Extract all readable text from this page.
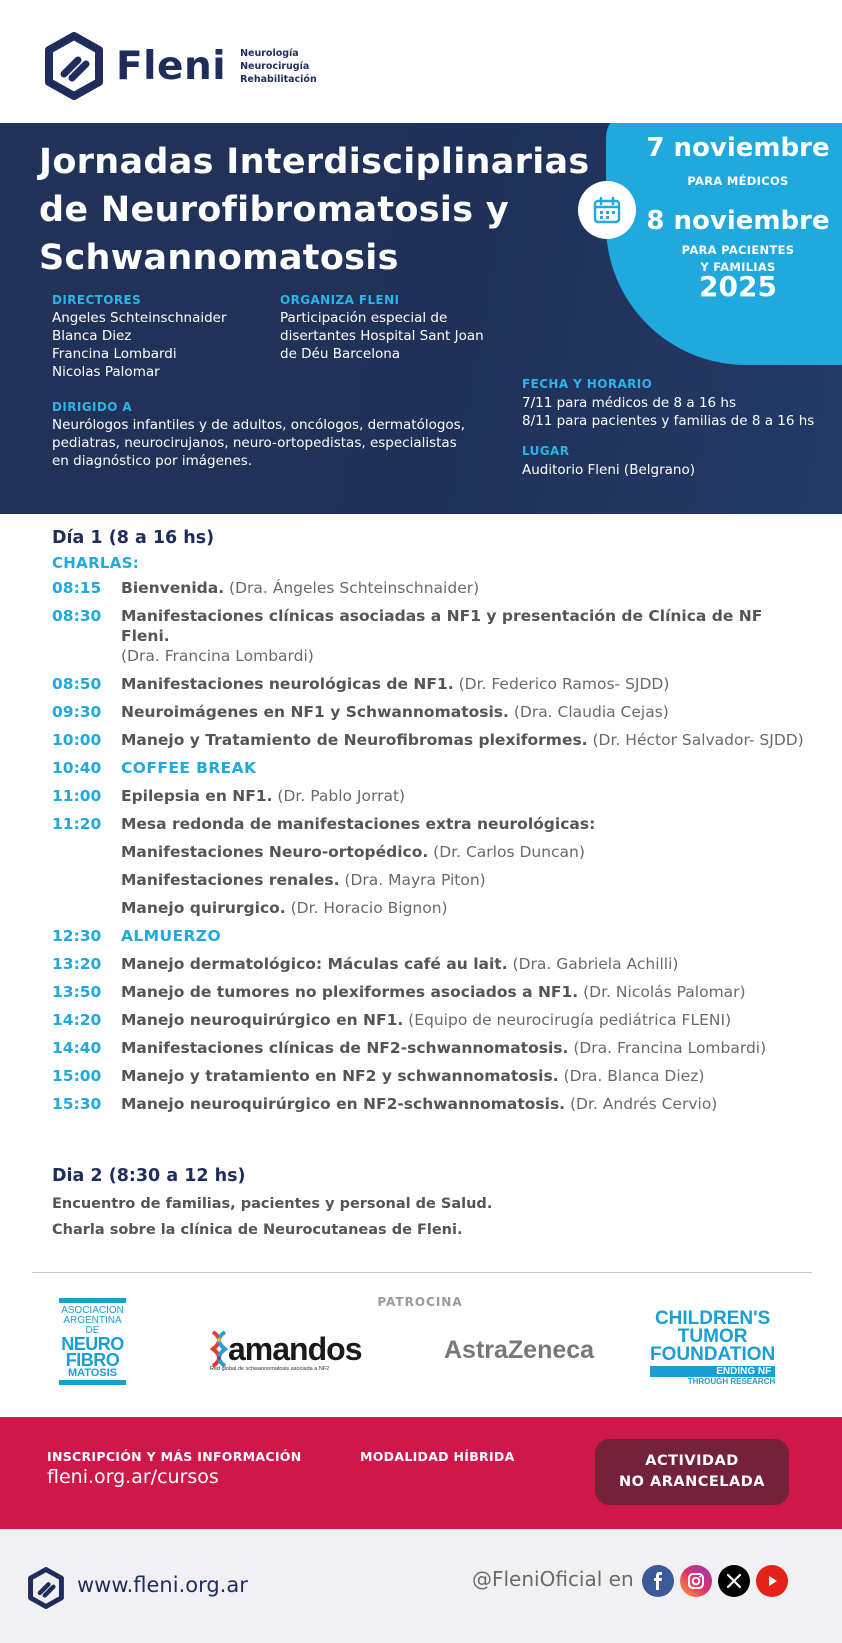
Fleni Neurología
Neurocirugía
Rehabilitación
Jornadas Interdisciplinarias de Neurofibromatosis y Schwannomatosis
7 noviembre
PARA MÉDICOS
8 noviembre
PARA PACIENTES
Y FAMILIAS
2025
DIRECTORES
Angeles Schteinschnaider
Blanca Diez
Francina Lombardi
Nicolas Palomar
ORGANIZA FLENI
Participación especial de
disertantes Hospital Sant Joan
de Déu Barcelona
DIRIGIDO A
Neurólogos infantiles y de adultos, oncólogos, dermatólogos,
pediatras, neurocirujanos, neuro-ortopedistas, especialistas
en diagnóstico por imágenes.
FECHA Y HORARIO
7/11 para médicos de 8 a 16 hs
8/11 para pacientes y familias de 8 a 16 hs
LUGAR
Auditorio Fleni (Belgrano)
Día 1 (8 a 16 hs)
CHARLAS:
08:15	Bienvenida. (Dra. Ángeles Schteinschnaider)
08:30	Manifestaciones clínicas asociadas a NF1 y presentación de Clínica de NF Fleni.
(Dra. Francina Lombardi)
08:50	Manifestaciones neurológicas de NF1. (Dr. Federico Ramos- SJDD)
09:30	Neuroimágenes en NF1 y Schwannomatosis. (Dra. Claudia Cejas)
10:00	Manejo y Tratamiento de Neurofibromas plexiformes. (Dr. Héctor Salvador- SJDD)
10:40	COFFEE BREAK
11:00	Epilepsia en NF1. (Dr. Pablo Jorrat)
11:20	Mesa redonda de manifestaciones extra neurológicas:
Manifestaciones Neuro-ortopédico. (Dr. Carlos Duncan)
Manifestaciones renales. (Dra. Mayra Piton)
Manejo quirurgico. (Dr. Horacio Bignon)
12:30	ALMUERZO
13:20	Manejo dermatológico: Máculas café au lait. (Dra. Gabriela Achilli)
13:50	Manejo de tumores no plexiformes asociados a NF1. (Dr. Nicolás Palomar)
14:20	Manejo neuroquirúrgico en NF1. (Equipo de neurocirugía pediátrica FLENI)
14:40	Manifestaciones clínicas de NF2-schwannomatosis. (Dra. Francina Lombardi)
15:00	Manejo y tratamiento en NF2 y schwannomatosis. (Dra. Blanca Diez)
15:30	Manejo neuroquirúrgico en NF2-schwannomatosis. (Dr. Andrés Cervio)
Dia 2 (8:30 a 12 hs)
Encuentro de familias, pacientes y personal de Salud.
Charla sobre la clínica de Neurocutaneas de Fleni.
PATROCINA
ASOCIACION
ARGENTINA DE
NEURO
FIBRO
MATOSIS
amandos
Red global de schwannomatosis asociada a NF2
AstraZeneca
CHILDREN'S
TUMOR
FOUNDATION
ENDING NF
THROUGH RESEARCH
INSCRIPCIÓN Y MÁS INFORMACIÓN
fleni.org.ar/cursos
MODALIDAD HÍBRIDA	ACTIVIDAD
NO ARANCELADA
www.fleni.org.ar	@FleniOficial en
